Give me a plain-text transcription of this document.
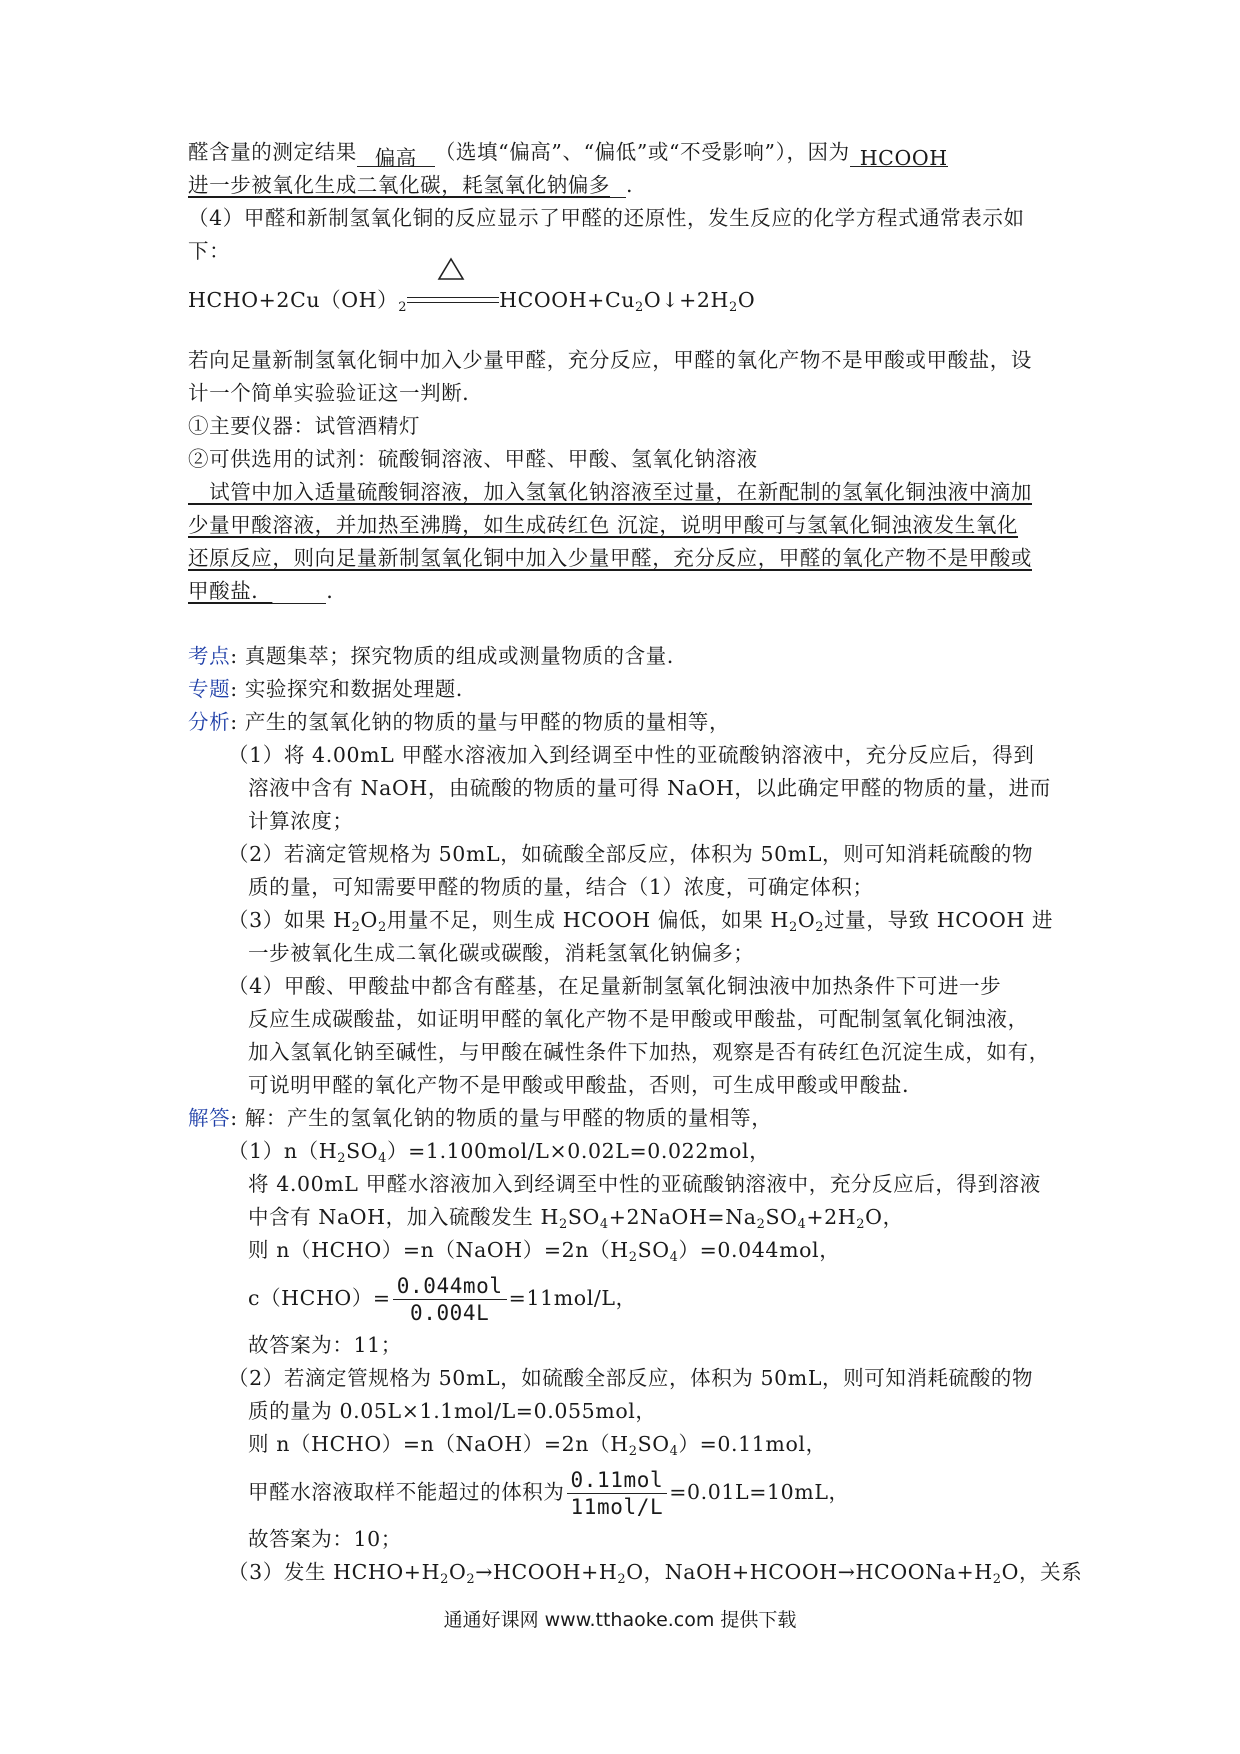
醛含量的测定结果 偏高 （选填“偏高”、“偏低”或“不受影响”），因为 HCOOH
进一步被氧化生成二氧化碳，耗氢氧化钠偏多 .
（4）甲醛和新制氢氧化铜的反应显示了甲醛的还原性，发生反应的化学方程式通常表示如
下：
$HCHO+2Cu(OH)_2$	$HCOOH+Cu_2O↓+2H_2O$
若向足量新制氢氧化铜中加入少量甲醛，充分反应，甲醛的氧化产物不是甲酸或甲酸盐，设
计一个简单实验验证这一判断．
①主要仪器：试管酒精灯
②可供选用的试剂：硫酸铜溶液、甲醛、甲酸、氢氧化钠溶液
　试管中加入适量硫酸铜溶液，加入氢氧化钠溶液至过量，在新配制的氢氧化铜浊液中滴加
少量甲酸溶液，并加热至沸腾，如生成砖红色 沉淀，说明甲酸可与氢氧化铜浊液发生氧化
还原反应，则向足量新制氢氧化铜中加入少量甲醛，充分反应，甲醛的氧化产物不是甲酸或
甲酸盐．	．
考点: 真题集萃；探究物质的组成或测量物质的含量．
专题: 实验探究和数据处理题．
分析: 产生的氢氧化钠的物质的量与甲醛的物质的量相等，
（1）将 4.00mL 甲醛水溶液加入到经调至中性的亚硫酸钠溶液中，充分反应后，得到
溶液中含有 NaOH，由硫酸的物质的量可得 NaOH，以此确定甲醛的物质的量，进而
计算浓度；
（2）若滴定管规格为 50mL，如硫酸全部反应，体积为 50mL，则可知消耗硫酸的物
质的量，可知需要甲醛的物质的量，结合（1）浓度，可确定体积；
（3）如果 $H_2O_2$用量不足，则生成 HCOOH 偏低，如果 $H_2O_2$过量，导致 HCOOH 进
一步被氧化生成二氧化碳或碳酸，消耗氢氧化钠偏多；
（4）甲酸、甲酸盐中都含有醛基，在足量新制氢氧化铜浊液中加热条件下可进一步
反应生成碳酸盐，如证明甲醛的氧化产物不是甲酸或甲酸盐，可配制氢氧化铜浊液，
加入氢氧化钠至碱性，与甲酸在碱性条件下加热，观察是否有砖红色沉淀生成，如有，
可说明甲醛的氧化产物不是甲酸或甲酸盐，否则，可生成甲酸或甲酸盐．
解答: 解：产生的氢氧化钠的物质的量与甲醛的物质的量相等，
$(1)n(H_2SO_4)=1.100mol/L\times 0.02L=0.022mol$，
将 4.00mL 甲醛水溶液加入到经调至中性的亚硫酸钠溶液中，充分反应后，得到溶液
中含有 NaOH，加入硫酸发生 $H_2SO_4+2NaOH=Na_2SO_4+2H_2O$，
则 $n(HCHO)=n(NaOH)=2n(H_2SO_4)=0.044mol$，
c（HCHO）= $\frac{\text{0.044mol}}{0.004L} =11mol/L$，
故答案为：11；
（2）若滴定管规格为 50mL，如硫酸全部反应，体积为 50mL，则可知消耗硫酸的物
质的量为 0.05L×1.1mol/L=0.055mol，
则 $n(HCHO)=n(NaOH)=2n(H_2SO_4)=0.11mol$，
甲醛水溶液取样不能超过的体积为 $\frac{\text{0.11mol}}{\text{11mol/L}} =0.01L=10mL$，
故答案为：10；
（3）发生 $HCHO+H_2O_2\to HCOOH+H_2O$，$NaOH+HCOOH\to HCOONa+H_2O$，关系
通通好课网 www.tthaoke.com 提供下载
